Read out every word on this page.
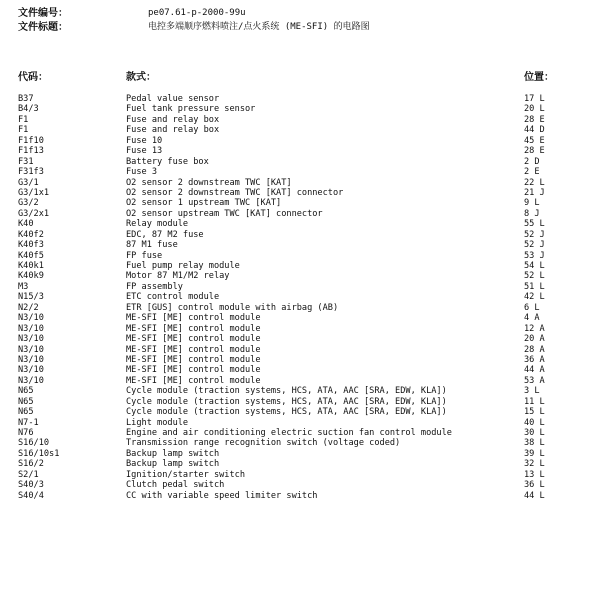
文件编号：	pe07.61-p-2000-99u
文件标题：	电控多端顺序燃料喷注/点火系统 (ME-SFI) 的电路图
代码：	款式：	位置：
B37	Pedal value sensor	17 L
B4/3	Fuel tank pressure sensor	20 L
F1	Fuse and relay box	28 E
F1	Fuse and relay box	44 D
F1f10	Fuse 10	45 E
F1f13	Fuse 13	28 E
F31	Battery fuse box	2 D
F31f3	Fuse 3	2 E
G3/1	O2 sensor 2 downstream TWC [KAT]	22 L
G3/1x1	O2 sensor 2 downstream TWC [KAT] connector	21 J
G3/2	O2 sensor 1 upstream TWC [KAT]	9 L
G3/2x1	O2 sensor upstream TWC [KAT] connector	8 J
K40	Relay module	55 L
K40f2	EDC, 87 M2 fuse	52 J
K40f3	87 M1 fuse	52 J
K40f5	FP fuse	53 J
K40k1	Fuel pump relay module	54 L
K40k9	Motor 87 M1/M2 relay	52 L
M3	FP assembly	51 L
N15/3	ETC control module	42 L
N2/2	ETR [GUS] control module with airbag (AB)	6 L
N3/10	ME-SFI [ME] control module	4 A
N3/10	ME-SFI [ME] control module	12 A
N3/10	ME-SFI [ME] control module	20 A
N3/10	ME-SFI [ME] control module	28 A
N3/10	ME-SFI [ME] control module	36 A
N3/10	ME-SFI [ME] control module	44 A
N3/10	ME-SFI [ME] control module	53 A
N65	Cycle module (traction systems, HCS, ATA, AAC [SRA, EDW, KLA])	3 L
N65	Cycle module (traction systems, HCS, ATA, AAC [SRA, EDW, KLA])	11 L
N65	Cycle module (traction systems, HCS, ATA, AAC [SRA, EDW, KLA])	15 L
N7-1	Light module	40 L
N76	Engine and air conditioning electric suction fan control module	30 L
S16/10	Transmission range recognition switch (voltage coded)	38 L
S16/10s1	Backup lamp switch	39 L
S16/2	Backup lamp switch	32 L
S2/1	Ignition/starter switch	13 L
S40/3	Clutch pedal switch	36 L
S40/4	CC with variable speed limiter switch	44 L
